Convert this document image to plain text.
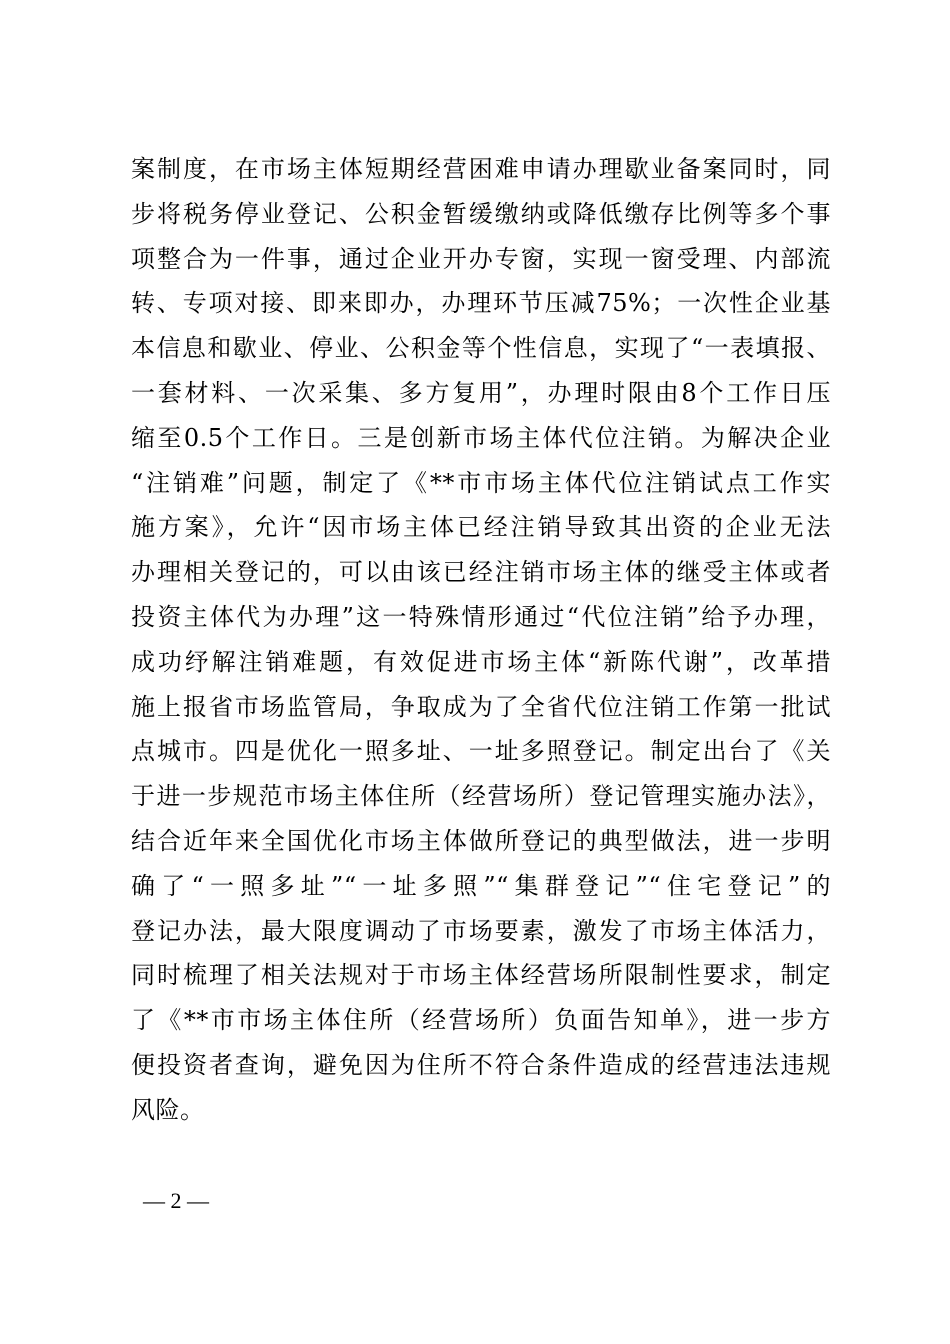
案制度，在市场主体短期经营困难申请办理歇业备案同时，同
步将税务停业登记、公积金暂缓缴纳或降低缴存比例等多个事
项整合为一件事，通过企业开办专窗，实现一窗受理、内部流
转、专项对接、即来即办，办理环节压减75%；一次性企业基
本信息和歇业、停业、公积金等个性信息，实现了“一表填报、
一套材料、一次采集、多方复用”，办理时限由8个工作日压
缩至0.5个工作日。三是创新市场主体代位注销。为解决企业
“注销难”问题，制定了《**市市场主体代位注销试点工作实
施方案》，允许“因市场主体已经注销导致其出资的企业无法
办理相关登记的，可以由该已经注销市场主体的继受主体或者
投资主体代为办理”这一特殊情形通过“代位注销”给予办理，
成功纾解注销难题，有效促进市场主体“新陈代谢”，改革措
施上报省市场监管局，争取成为了全省代位注销工作第一批试
点城市。四是优化一照多址、一址多照登记。制定出台了《关
于进一步规范市场主体住所（经营场所）登记管理实施办法》，
结合近年来全国优化市场主体做所登记的典型做法，进一步明
确了“一照多址”“一址多照”“集群登记”“住宅登记”的
登记办法，最大限度调动了市场要素，激发了市场主体活力，
同时梳理了相关法规对于市场主体经营场所限制性要求，制定
了《**市市场主体住所（经营场所）负面告知单》，进一步方
便投资者查询，避免因为住所不符合条件造成的经营违法违规
风险。
— 2 —
